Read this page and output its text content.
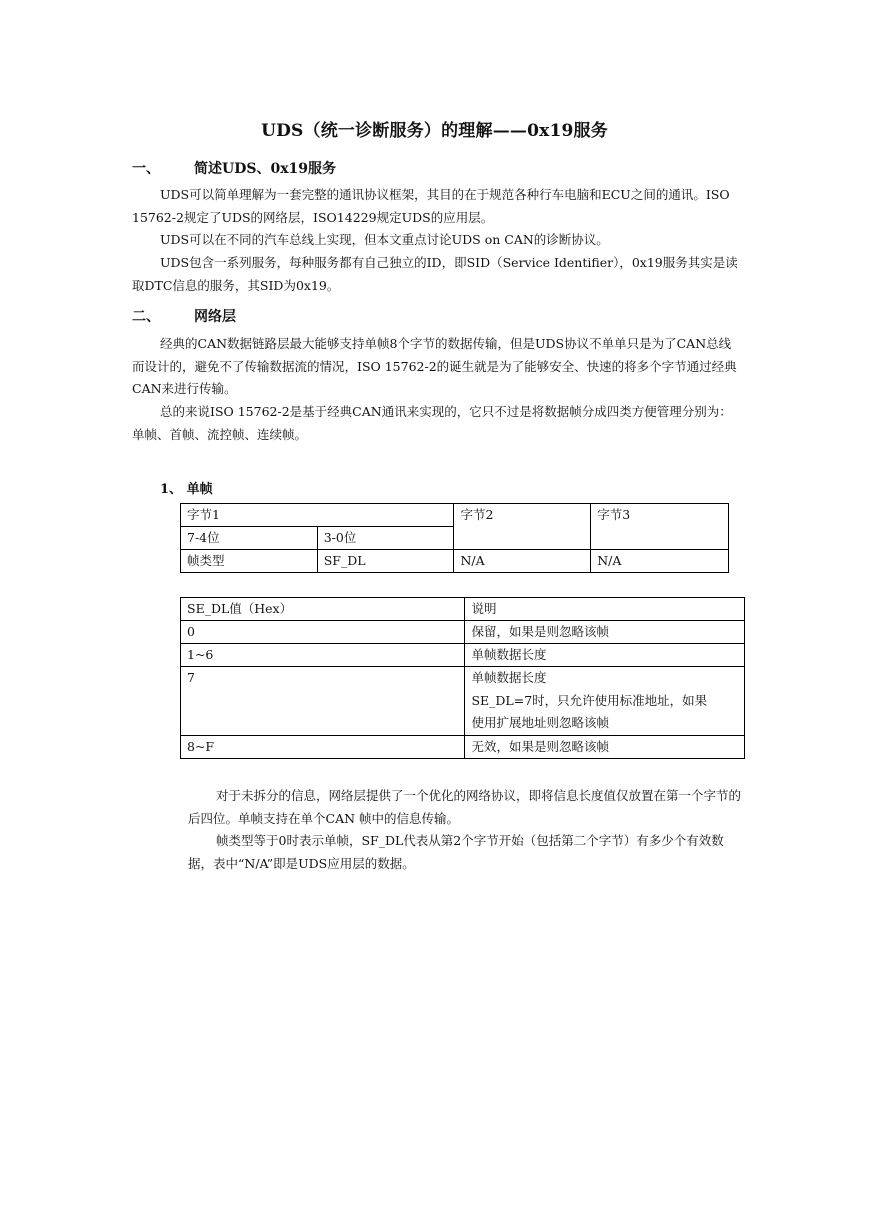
UDS（统一诊断服务）的理解——0x19服务
一、 简述UDS、0x19服务

UDS可以简单理解为一套完整的通讯协议框架，其目的在于规范各种行车电脑和ECU之间的通讯。ISO 15762-2规定了UDS的网络层，ISO14229规定UDS的应用层。

UDS可以在不同的汽车总线上实现，但本文重点讨论UDS on CAN的诊断协议。

UDS包含一系列服务，每种服务都有自己独立的ID，即SID（Service Identifier），0x19服务其实是读取DTC信息的服务，其SID为0x19。

二、 网络层

经典的CAN数据链路层最大能够支持单帧8个字节的数据传输，但是UDS协议不单单只是为了CAN总线而设计的，避免不了传输数据流的情况，ISO 15762-2的诞生就是为了能够安全、快速的将多个字节通过经典CAN来进行传输。

总的来说ISO 15762-2是基于经典CAN通讯来实现的，它只不过是将数据帧分成四类方便管理分别为：单帧、首帧、流控帧、连续帧。

1、 单帧
字节1		字节2	字节3
7-4位	3-0位		
帧类型	SF_DL	N/A	N/A
SE_DL值（Hex）	说明
0	保留，如果是则忽略该帧
1~6	单帧数据长度
7	单帧数据长度
SE_DL=7时，只允许使用标准地址，如果
使用扩展地址则忽略该帧

8~F	无效，如果是则忽略该帧

对于未拆分的信息，网络层提供了一个优化的网络协议，即将信息长度值仅放置在第一个字节的后四位。单帧支持在单个CAN 帧中的信息传输。

帧类型等于0时表示单帧，SF_DL代表从第2个字节开始（包括第二个字节）有多少个有效数据，表中“N/A”即是UDS应用层的数据。
